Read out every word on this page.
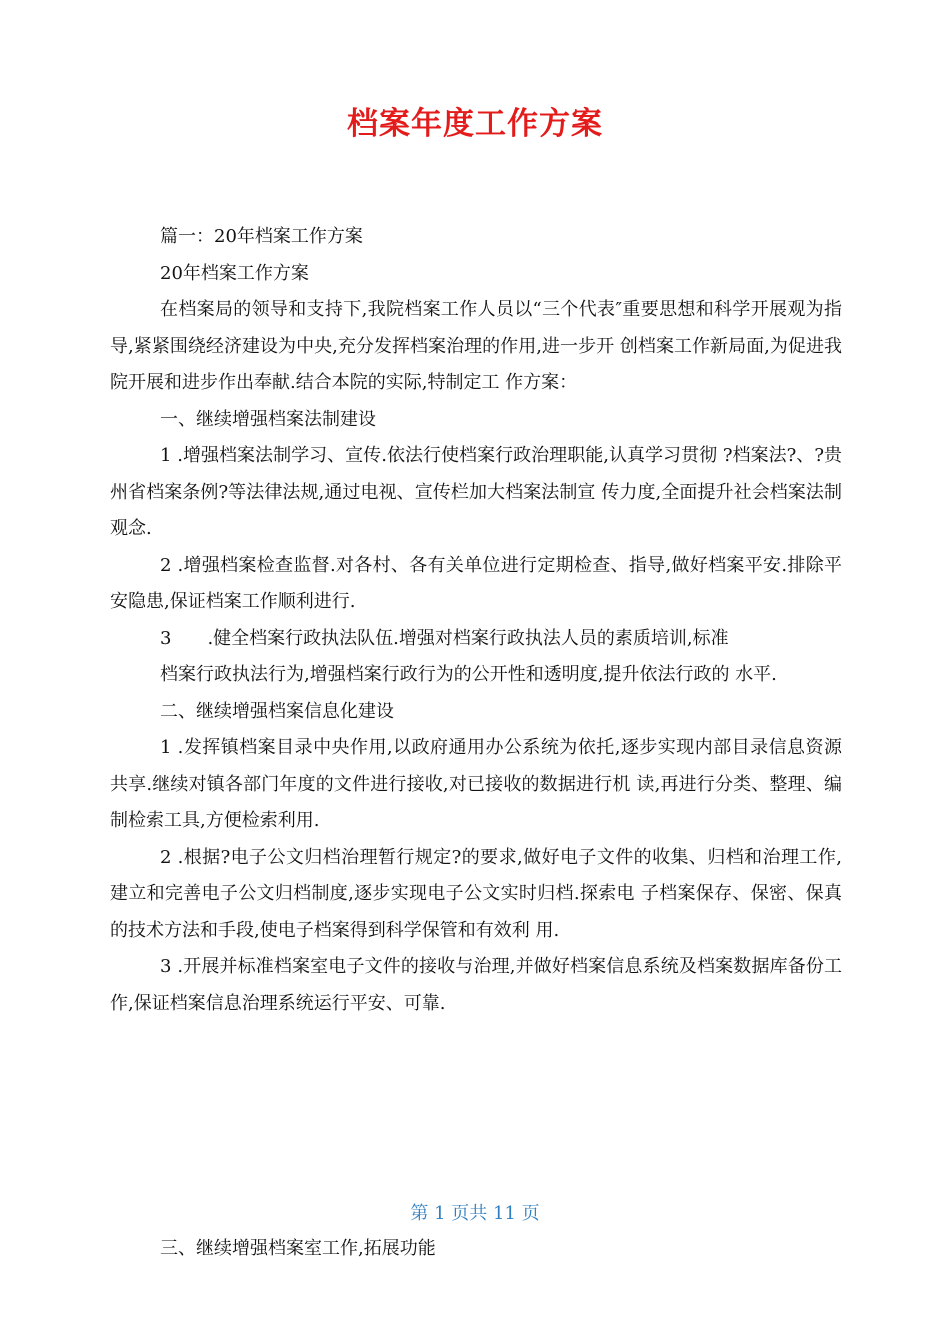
档案年度工作方案

篇一：20年档案工作方案

20年档案工作方案

在档案局的领导和支持下,我院档案工作人员以“三个代表″重要思想和科学开展观为指导,紧紧围绕经济建设为中央,充分发挥档案治理的作用,进一步开 创档案工作新局面,为促进我院开展和进步作出奉献.结合本院的实际,特制定工 作方案：

一、继续增强档案法制建设

1 .增强档案法制学习、宣传.依法行使档案行政治理职能,认真学习贯彻 ?档案法?、?贵州省档案条例?等法律法规,通过电视、宣传栏加大档案法制宣 传力度,全面提升社会档案法制观念.

2 .增强档案检查监督.对各村、各有关单位进行定期检查、指导,做好档案平安.排除平安隐患,保证档案工作顺利进行.

3　　.健全档案行政执法队伍.增强对档案行政执法人员的素质培训,标准

档案行政执法行为,增强档案行政行为的公开性和透明度,提升依法行政的 水平.

二、继续增强档案信息化建设

1 .发挥镇档案目录中央作用,以政府通用办公系统为依托,逐步实现内部目录信息资源共享.继续对镇各部门年度的文件进行接收,对已接收的数据进行机 读,再进行分类、整理、编制检索工具,方便检索利用.

2 .根据?电子公文归档治理暂行规定?的要求,做好电子文件的收集、归档和治理工作,建立和完善电子公文归档制度,逐步实现电子公文实时归档.探索电 子档案保存、保密、保真的技术方法和手段,使电子档案得到科学保管和有效利 用.

3 .开展并标准档案室电子文件的接收与治理,并做好档案信息系统及档案数据库备份工作,保证档案信息治理系统运行平安、可靠.

第 1 页共 11 页

三、继续增强档案室工作,拓展功能
